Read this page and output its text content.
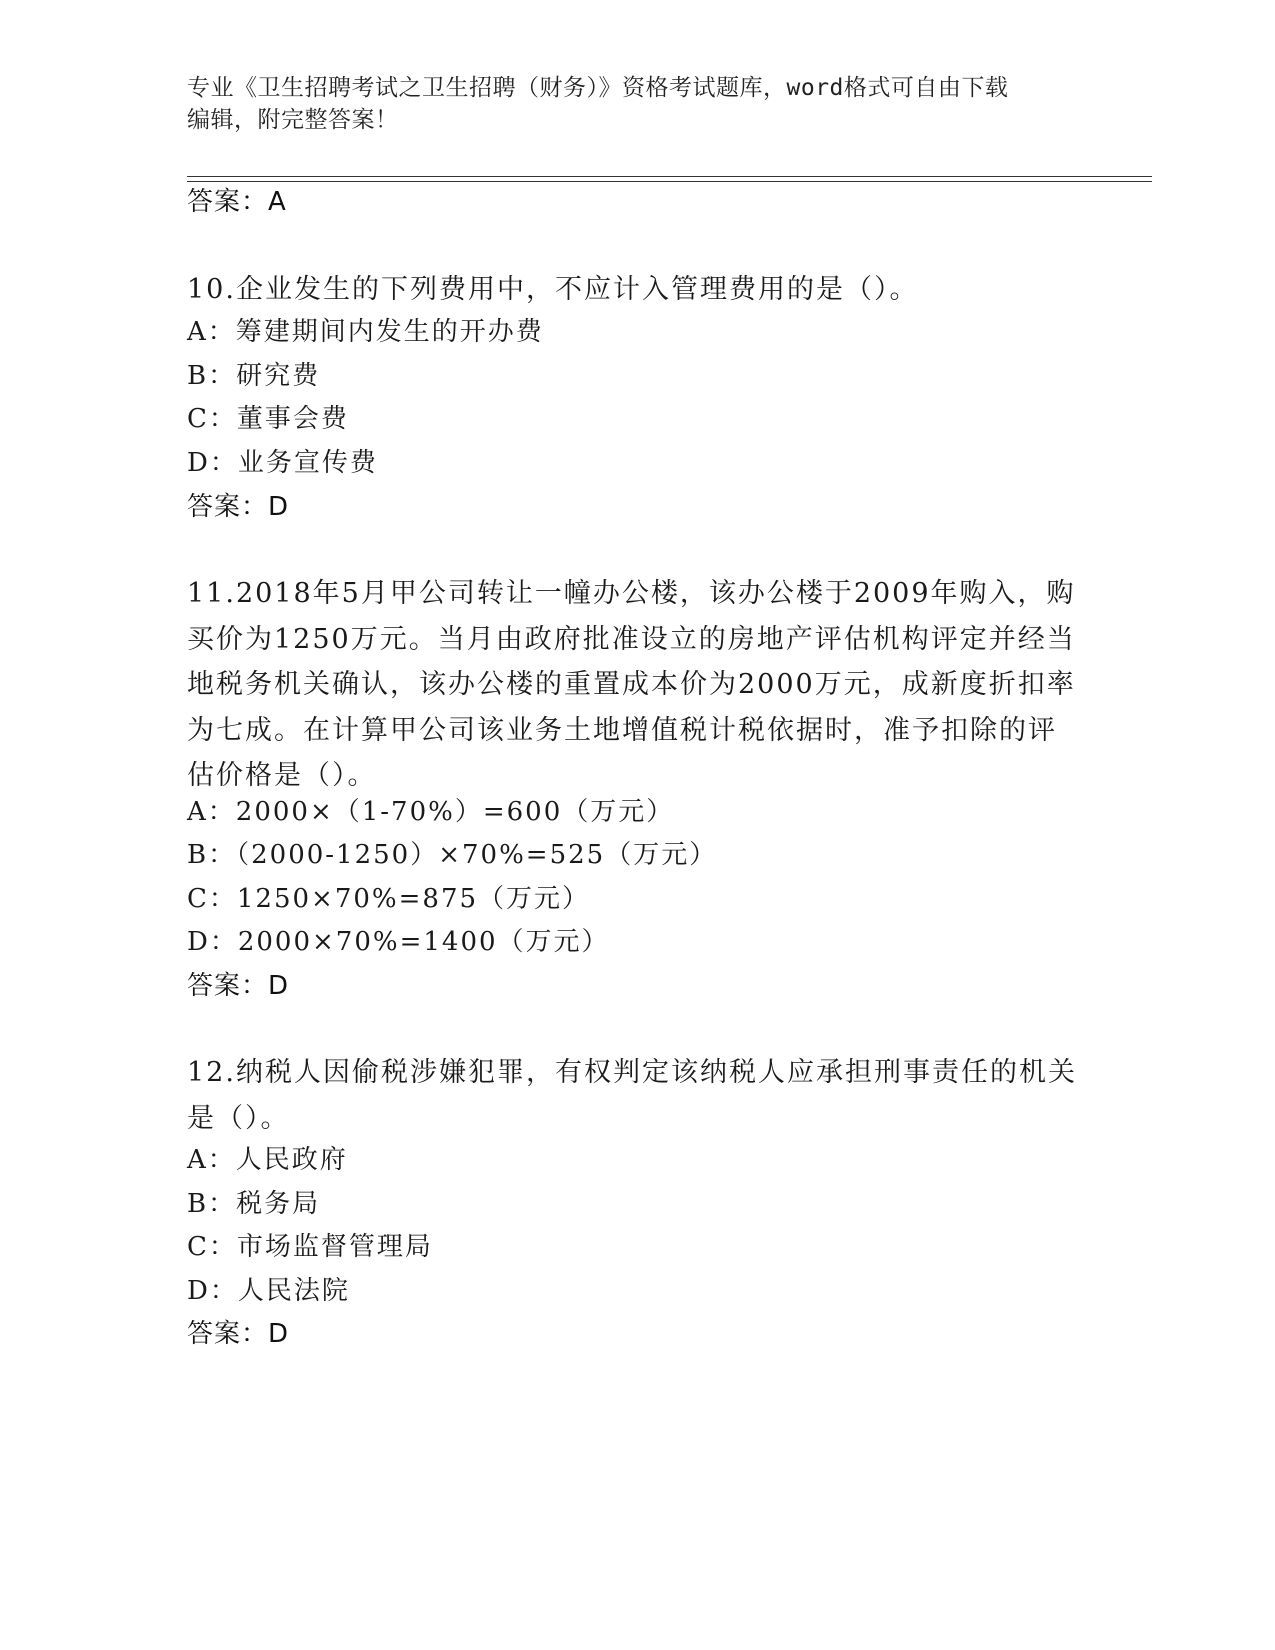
专业《卫生招聘考试之卫生招聘（财务）》资格考试题库，word格式可自由下载
编辑，附完整答案！
答案：A
10.企业发生的下列费用中，不应计入管理费用的是（）。
A：筹建期间内发生的开办费
B：研究费
C：董事会费
D：业务宣传费
答案：D
11.2018年5月甲公司转让一幢办公楼，该办公楼于2009年购入，购
买价为1250万元。当月由政府批准设立的房地产评估机构评定并经当
地税务机关确认，该办公楼的重置成本价为2000万元，成新度折扣率
为七成。在计算甲公司该业务土地增值税计税依据时，准予扣除的评
估价格是（）。
A：2000×（1-70%）=600（万元）
B：（2000-1250）×70%=525（万元）
C：1250×70%=875（万元）
D：2000×70%=1400（万元）
答案：D
12.纳税人因偷税涉嫌犯罪，有权判定该纳税人应承担刑事责任的机关
是（）。
A：人民政府
B：税务局
C：市场监督管理局
D：人民法院
答案：D
